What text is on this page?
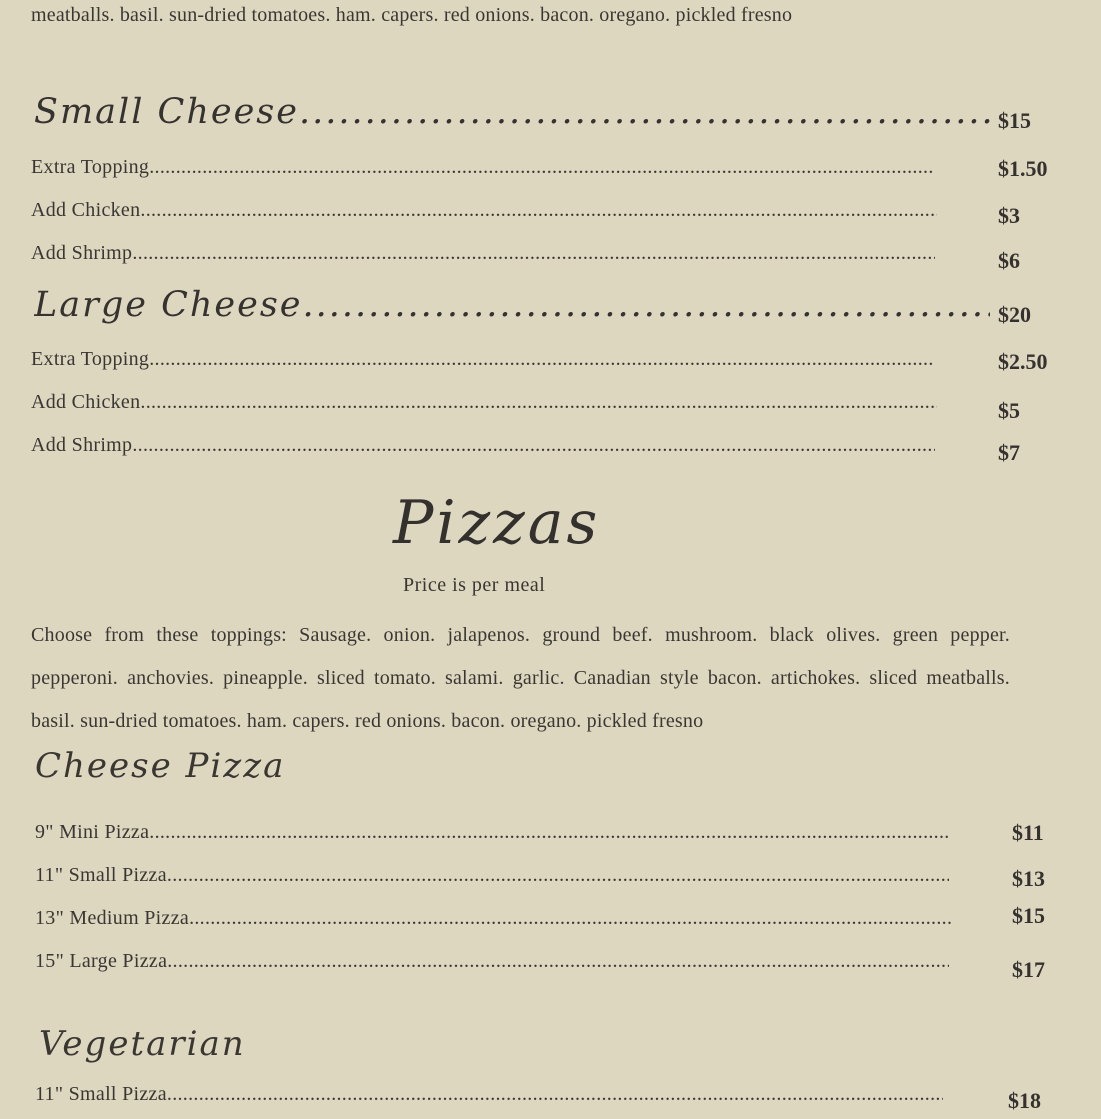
meatballs. basil. sun-dried tomatoes. ham. capers. red onions. bacon. oregano. pickled fresno
Small Cheese .....	$15
Extra Topping .....	$1.50
Add Chicken .....	$3
Add Shrimp .....	$6
Large Cheese .....	$20
Extra Topping .....	$2.50
Add Chicken .....	$5
Add Shrimp .....	$7
Pizzas
Price is per meal
Choose from these toppings: Sausage. onion. jalapenos. ground beef. mushroom. black olives. green pepper. pepperoni. anchovies. pineapple. sliced tomato. salami. garlic. Canadian style bacon. artichokes. sliced meatballs. basil. sun-dried tomatoes. ham. capers. red onions. bacon. oregano. pickled fresno
Cheese Pizza
9" Mini Pizza .....	$11
11" Small Pizza .....	$13
13" Medium Pizza .....	$15
15" Large Pizza .....	$17
Vegetarian
11" Small Pizza .....	$18
